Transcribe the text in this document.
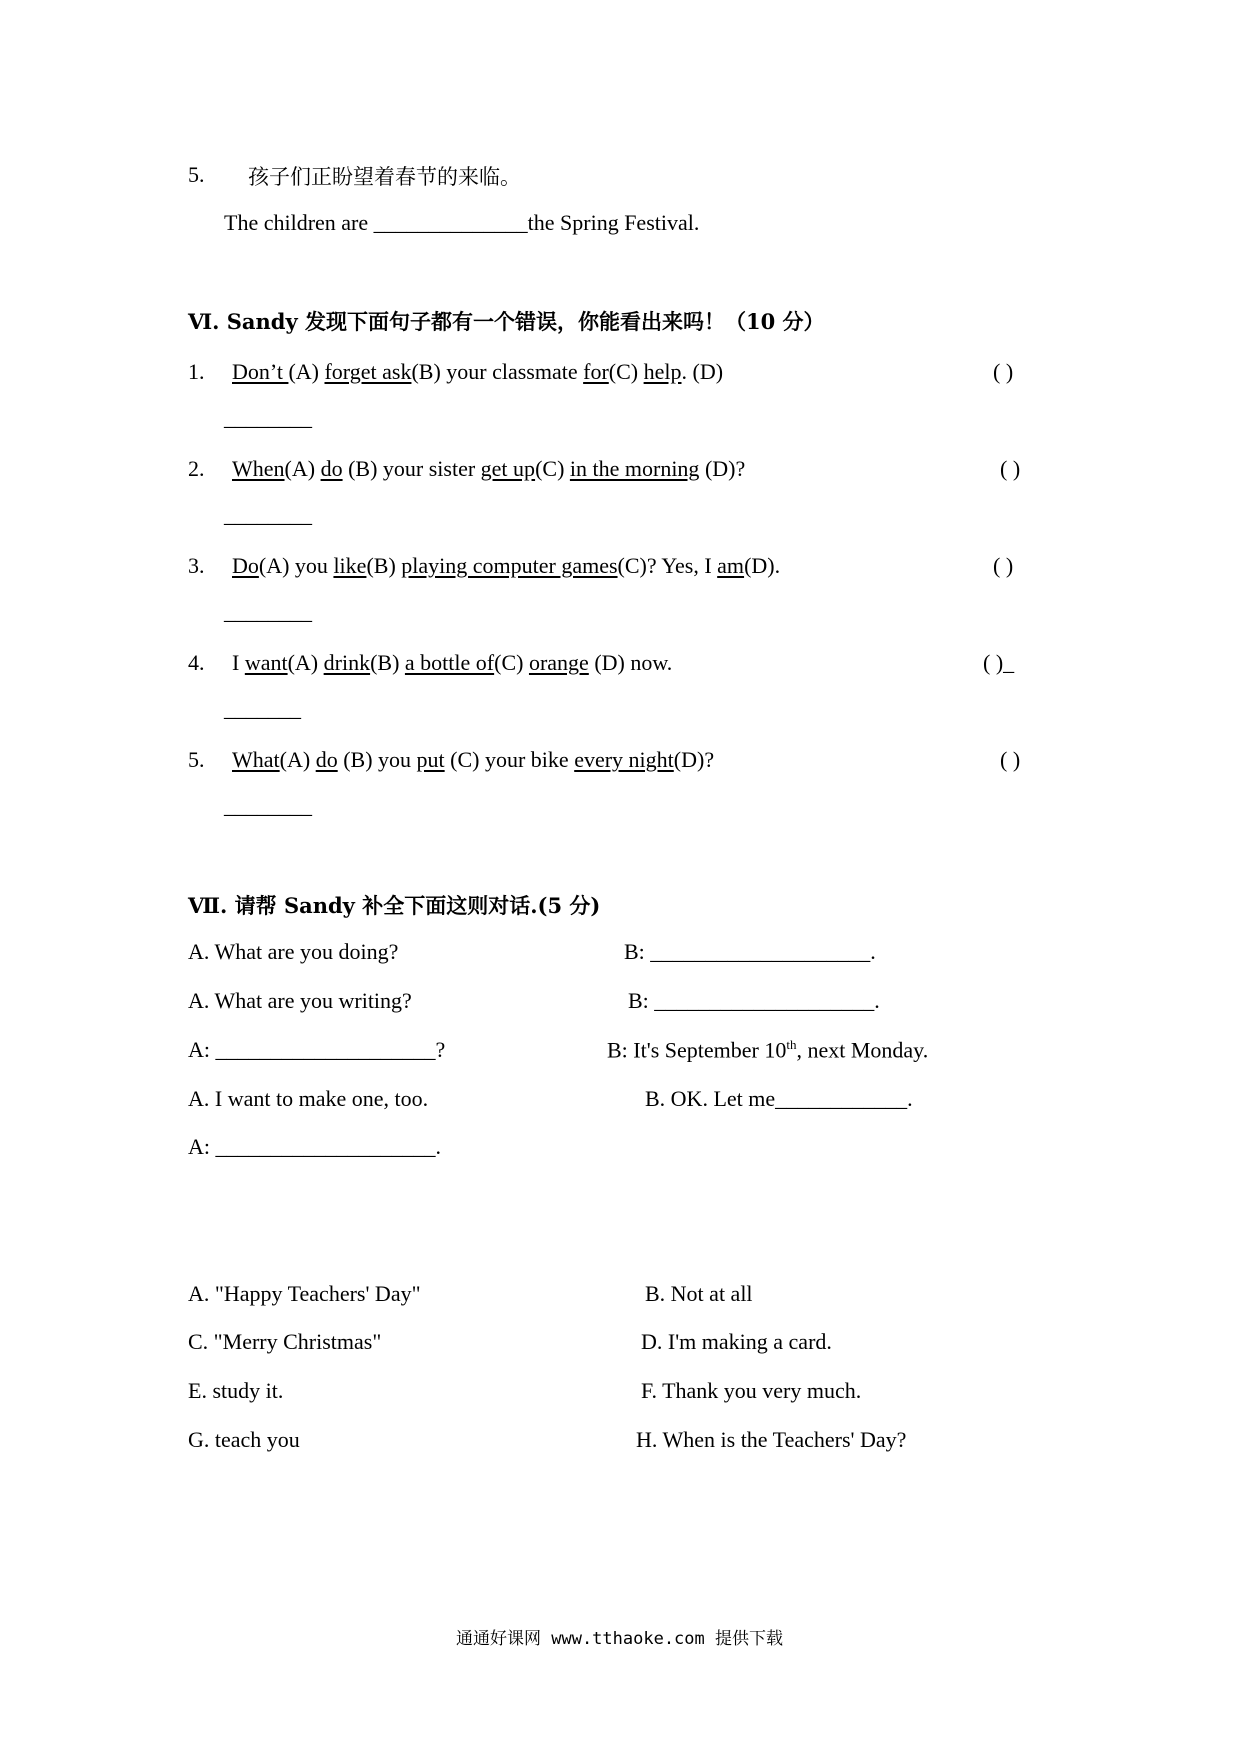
5. 孩子们正盼望着春节的来临。
The children are ______________the Spring Festival.
Ⅵ. Sandy 发现下面句子都有一个错误，你能看出来吗！（10 分）
1. Don’t (A) forget ask(B) your classmate for(C) help. (D)	( )
________
2. When(A) do (B) your sister get up(C) in the morning (D)?	( )
________
3. Do(A) you like(B) playing computer games(C)? Yes, I am(D).	( )
________
4. I want(A) drink(B) a bottle of(C) orange (D) now.	( )_
_______
5. What(A) do (B) you put (C) your bike every night(D)?	( )
________
Ⅶ. 请帮 Sandy 补全下面这则对话.(5 分)
A. What are you doing?	B: ____________________.
A. What are you writing?	B: ____________________.
A: ____________________?	B: It's September 10th, next Monday.
A. I want to make one, too.	B. OK. Let me____________.
A: ____________________.
A. "Happy Teachers' Day"	B. Not at all
C. "Merry Christmas"	D. I'm making a card.
E. study it.	F. Thank you very much.
G. teach you	H. When is the Teachers' Day?
通通好课网 www.tthaoke.com 提供下载
